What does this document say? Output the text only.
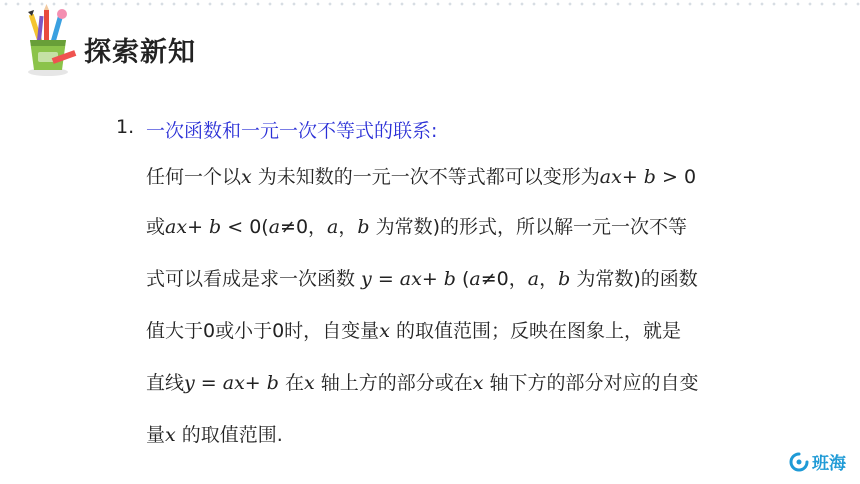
探索新知
1. 一次函数和一元一次不等式的联系:
任何一个以x 为未知数的一元一次不等式都可以变形为ax+ b > 0
或ax+ b < 0(a≠0，a，b 为常数)的形式，所以解一元一次不等
式可以看成是求一次函数 y = ax+ b (a≠0，a，b 为常数)的函数
值大于0或小于0时，自变量x 的取值范围；反映在图象上，就是
直线y = ax+ b 在x 轴上方的部分或在x 轴下方的部分对应的自变
量x 的取值范围.
班海
